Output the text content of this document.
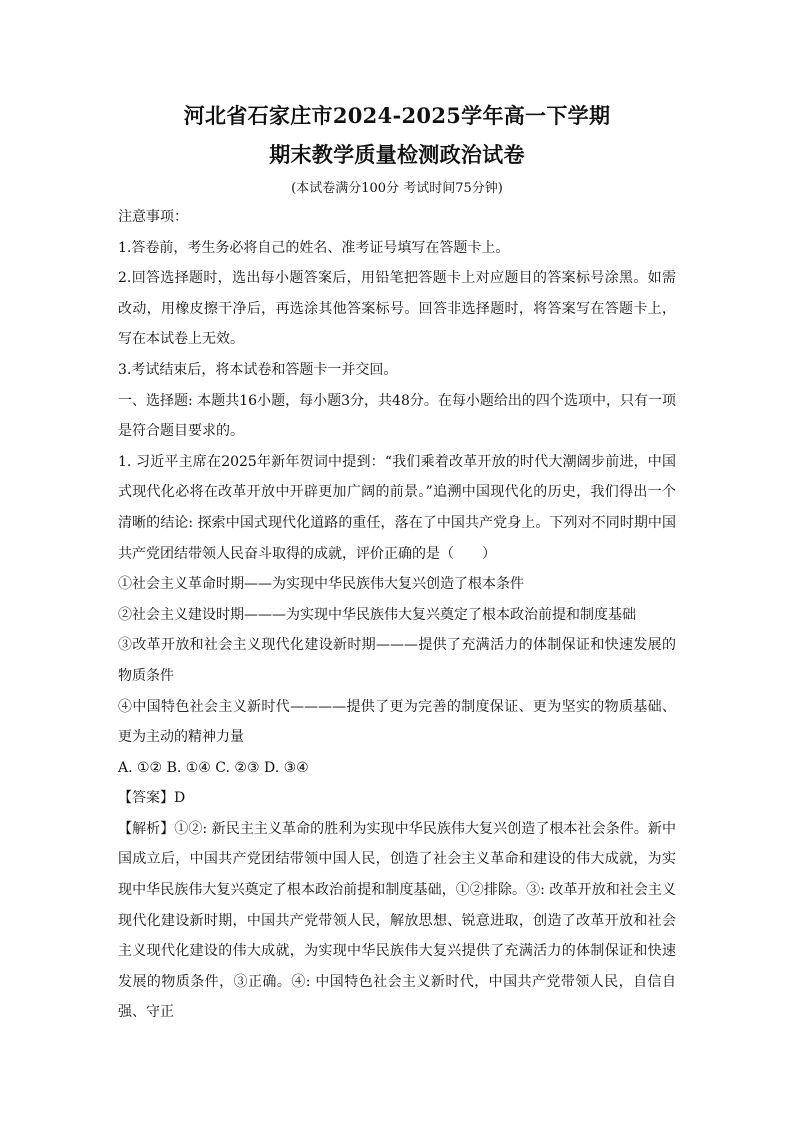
河北省石家庄市2024-2025学年高一下学期
期末教学质量检测政治试卷
(本试卷满分100分 考试时间75分钟)
注意事项：
1.答卷前，考生务必将自己的姓名、准考证号填写在答题卡上。
2.回答选择题时，选出每小题答案后，用铅笔把答题卡上对应题目的答案标号涂黑。如需改动，用橡皮擦干净后，再选涂其他答案标号。回答非选择题时，将答案写在答题卡上，写在本试卷上无效。
3.考试结束后，将本试卷和答题卡一并交回。
一、选择题: 本题共16小题，每小题3分，共48分。在每小题给出的四个选项中，只有一项是符合题目要求的。
1. 习近平主席在2025年新年贺词中提到：“我们乘着改革开放的时代大潮阔步前进，中国式现代化必将在改革开放中开辟更加广阔的前景。”追溯中国现代化的历史，我们得出一个清晰的结论: 探索中国式现代化道路的重任，落在了中国共产党身上。下列对不同时期中国共产党团结带领人民奋斗取得的成就，评价正确的是（　　）
①社会主义革命时期——为实现中华民族伟大复兴创造了根本条件
②社会主义建设时期———为实现中华民族伟大复兴奠定了根本政治前提和制度基础
③改革开放和社会主义现代化建设新时期———提供了充满活力的体制保证和快速发展的物质条件
④中国特色社会主义新时代————提供了更为完善的制度保证、更为坚实的物质基础、更为主动的精神力量
A. ①② B. ①④ C. ②③ D. ③④
【答案】D
【解析】①②: 新民主主义革命的胜利为实现中华民族伟大复兴创造了根本社会条件。新中国成立后，中国共产党团结带领中国人民，创造了社会主义革命和建设的伟大成就，为实现中华民族伟大复兴奠定了根本政治前提和制度基础，①②排除。③: 改革开放和社会主义现代化建设新时期，中国共产党带领人民，解放思想、锐意进取，创造了改革开放和社会主义现代化建设的伟大成就，为实现中华民族伟大复兴提供了充满活力的体制保证和快速发展的物质条件，③正确。④: 中国特色社会主义新时代，中国共产党带领人民，自信自强、守正
